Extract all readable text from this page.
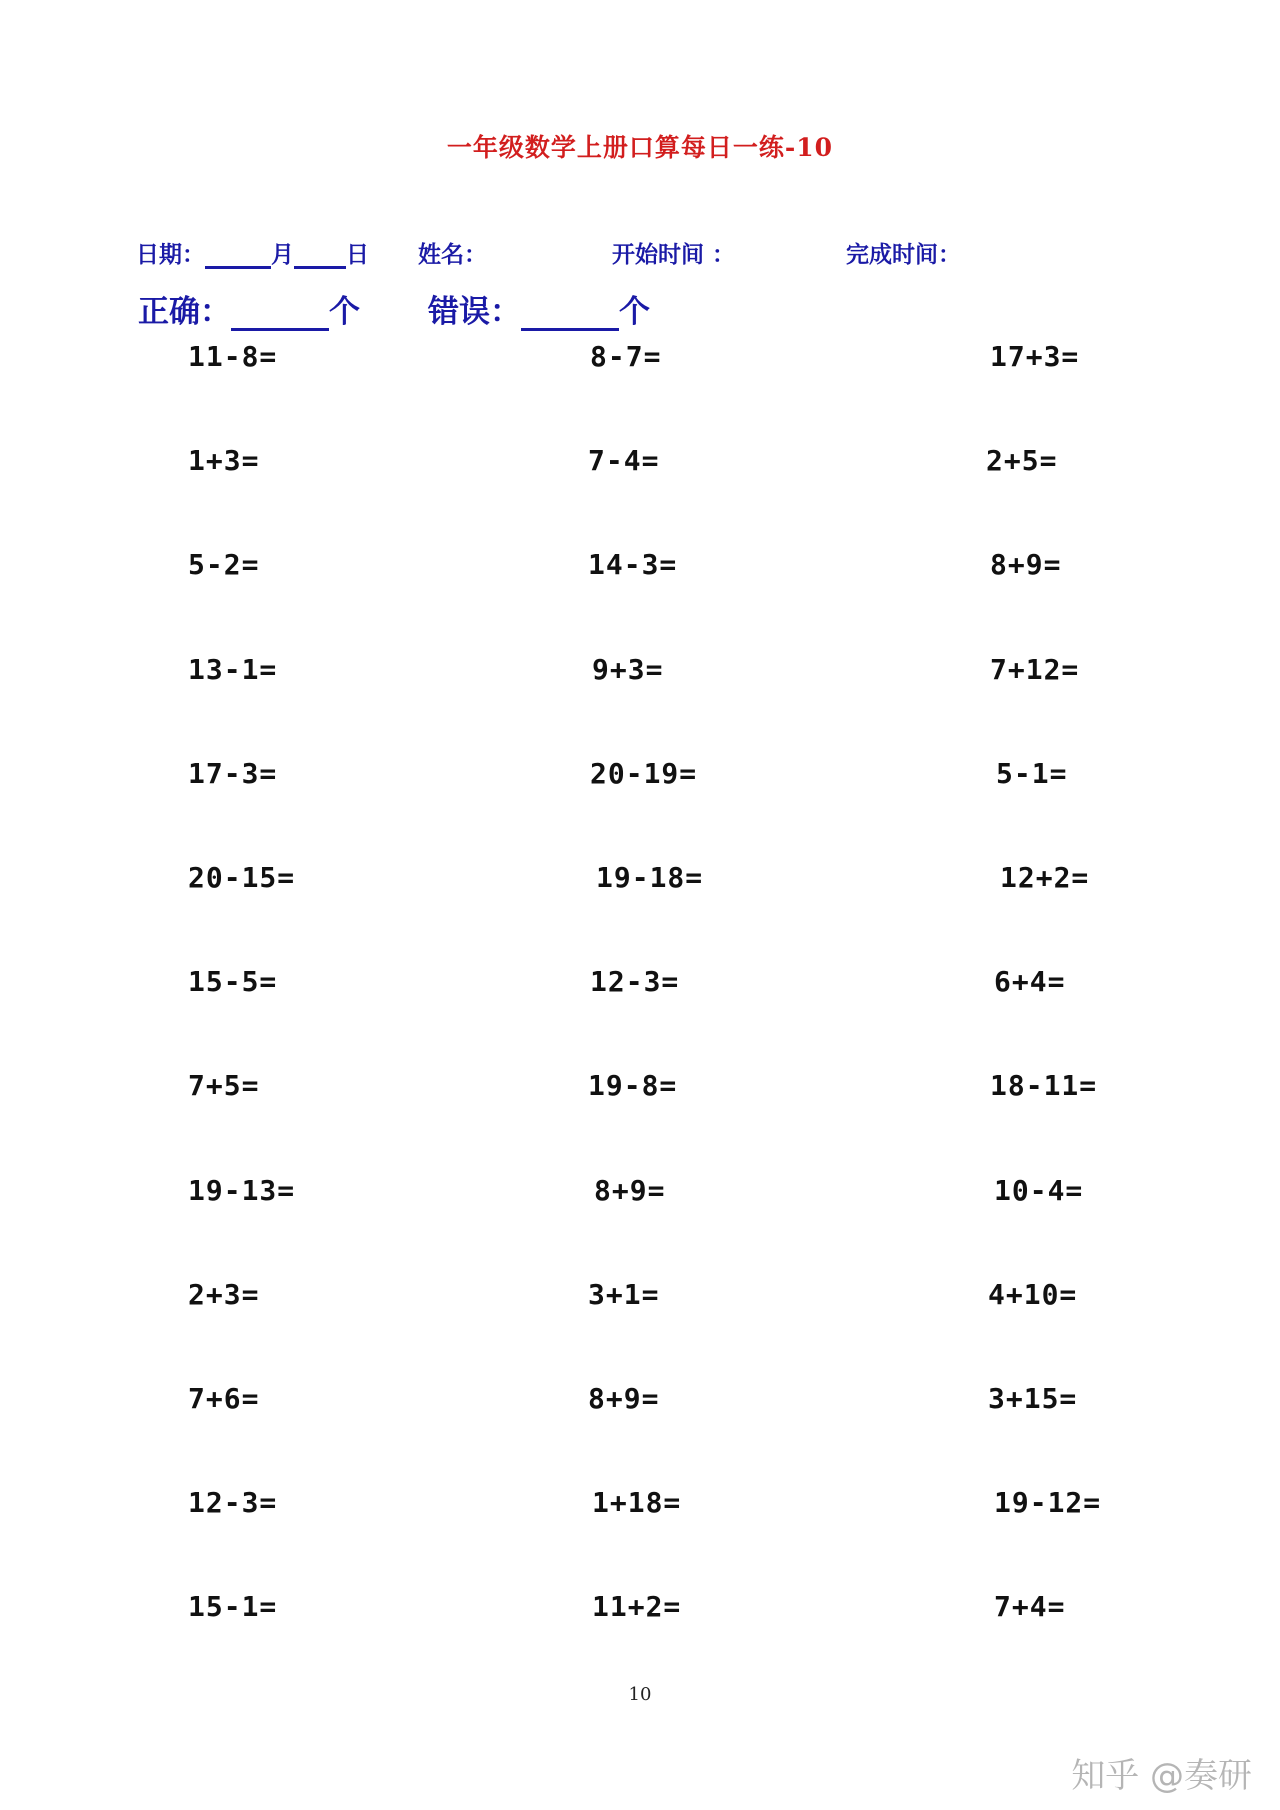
一年级数学上册口算每日一练-10
日期：	月 日 姓名：	开始时间 ：	完成时间：
正确：	个 错误：	个
11-8=	8-7=	17+3=
1+3=	7-4=	2+5=
5-2=	14-3=	8+9=
13-1=	9+3=	7+12=
17-3=	20-19=	5-1=
20-15=	19-18=	12+2=
15-5=	12-3=	6+4=
7+5=	19-8=	18-11=
19-13=	8+9=	10-4=
2+3=	3+1=	4+10=
7+6=	8+9=	3+15=
12-3=	1+18=	19-12=
15-1=	11+2=	7+4=
10
知乎 @奏研
